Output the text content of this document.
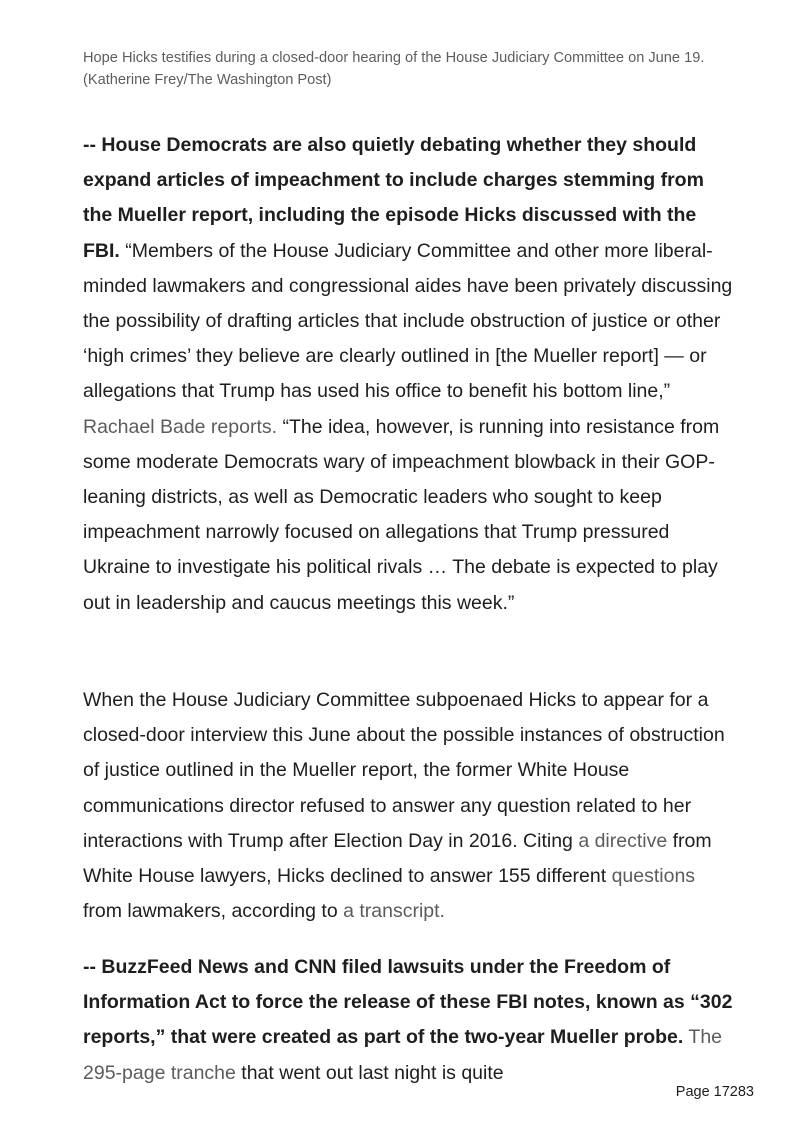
Hope Hicks testifies during a closed-door hearing of the House Judiciary Committee on June 19. (Katherine Frey/The Washington Post)
-- House Democrats are also quietly debating whether they should expand articles of impeachment to include charges stemming from the Mueller report, including the episode Hicks discussed with the FBI. “Members of the House Judiciary Committee and other more liberal-minded lawmakers and congressional aides have been privately discussing the possibility of drafting articles that include obstruction of justice or other ‘high crimes’ they believe are clearly outlined in [the Mueller report] — or allegations that Trump has used his office to benefit his bottom line,” Rachael Bade reports. “The idea, however, is running into resistance from some moderate Democrats wary of impeachment blowback in their GOP-leaning districts, as well as Democratic leaders who sought to keep impeachment narrowly focused on allegations that Trump pressured Ukraine to investigate his political rivals … The debate is expected to play out in leadership and caucus meetings this week.”
When the House Judiciary Committee subpoenaed Hicks to appear for a closed-door interview this June about the possible instances of obstruction of justice outlined in the Mueller report, the former White House communications director refused to answer any question related to her interactions with Trump after Election Day in 2016. Citing a directive from White House lawyers, Hicks declined to answer 155 different questions from lawmakers, according to a transcript.
-- BuzzFeed News and CNN filed lawsuits under the Freedom of Information Act to force the release of these FBI notes, known as “302 reports,” that were created as part of the two-year Mueller probe. The 295-page tranche that went out last night is quite
Page 17283
